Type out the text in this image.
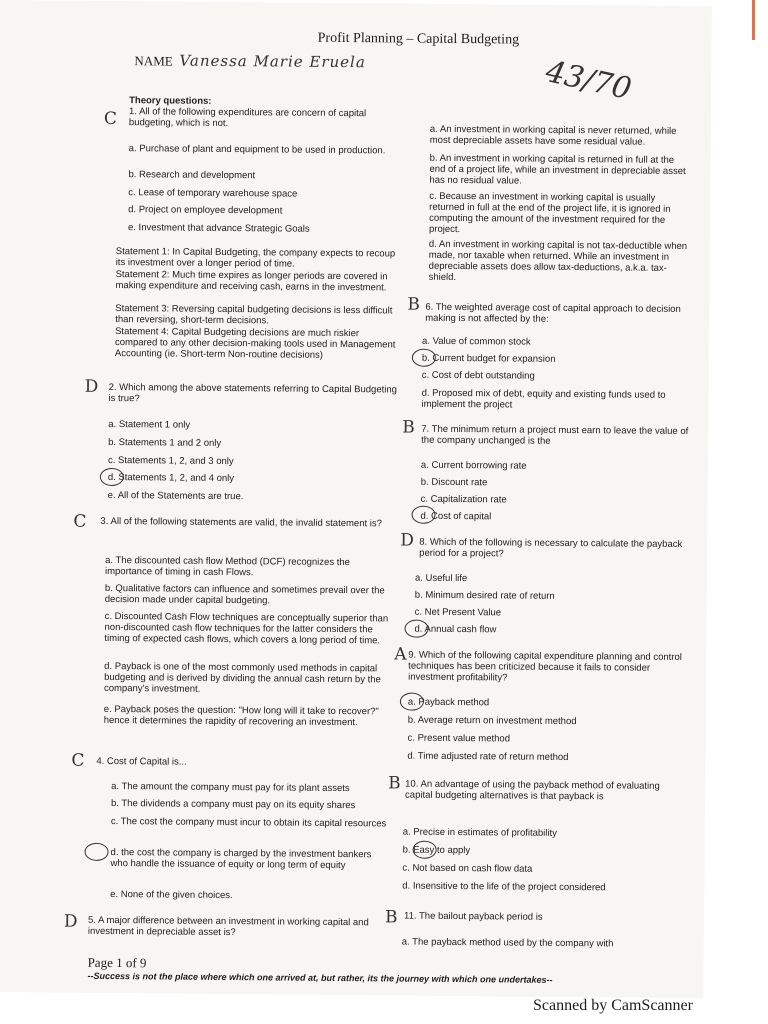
Profit Planning – Capital Budgeting
NAME Vanessa Marie Eruela	43/70
Theory questions:
C 1. All of the following expenditures are concern of capital budgeting, which is not.
a. Purchase of plant and equipment to be used in production.
b. Research and development
c. Lease of temporary warehouse space
d. Project on employee development
e. Investment that advance Strategic Goals
Statement 1: In Capital Budgeting, the company expects to recoup its investment over a longer period of time.
Statement 2: Much time expires as longer periods are covered in making expenditure and receiving cash, earns in the investment.
Statement 3: Reversing capital budgeting decisions is less difficult than reversing, short-term decisions.
Statement 4: Capital Budgeting decisions are much riskier compared to any other decision-making tools used in Management Accounting (ie. Short-term Non-routine decisions)
D 2. Which among the above statements referring to Capital Budgeting is true?
a. Statement 1 only
b. Statements 1 and 2 only
c. Statements 1, 2, and 3 only
d. Statements 1, 2, and 4 only
e. All of the Statements are true.
C 3. All of the following statements are valid, the invalid statement is?
a. The discounted cash flow Method (DCF) recognizes the importance of timing in cash Flows.
b. Qualitative factors can influence and sometimes prevail over the decision made under capital budgeting.
c. Discounted Cash Flow techniques are conceptually superior than non-discounted cash flow techniques for the latter considers the timing of expected cash flows, which covers a long period of time.
d. Payback is one of the most commonly used methods in capital budgeting and is derived by dividing the annual cash return by the company's investment.
e. Payback poses the question: "How long will it take to recover?" hence it determines the rapidity of recovering an investment.
C 4. Cost of Capital is...
a. The amount the company must pay for its plant assets
b. The dividends a company must pay on its equity shares
c. The cost the company must incur to obtain its capital resources
d. the cost the company is charged by the investment bankers who handle the issuance of equity or long term of equity
e. None of the given choices.
D 5. A major difference between an investment in working capital and investment in depreciable asset is?
a. An investment in working capital is never returned, while most depreciable assets have some residual value.
b. An investment in working capital is returned in full at the end of a project life, while an investment in depreciable asset has no residual value.
c. Because an investment in working capital is usually returned in full at the end of the project life, it is ignored in computing the amount of the investment required for the project.
d. An investment in working capital is not tax-deductible when made, nor taxable when returned. While an investment in depreciable assets does allow tax-deductions, a.k.a. tax-shield.
B 6. The weighted average cost of capital approach to decision making is not affected by the:
a. Value of common stock
b. Current budget for expansion
c. Cost of debt outstanding
d. Proposed mix of debt, equity and existing funds used to implement the project
B 7. The minimum return a project must earn to leave the value of the company unchanged is the
a. Current borrowing rate
b. Discount rate
c. Capitalization rate
d. Cost of capital
D 8. Which of the following is necessary to calculate the payback period for a project?
a. Useful life
b. Minimum desired rate of return
c. Net Present Value
d. Annual cash flow
A 9. Which of the following capital expenditure planning and control techniques has been criticized because it fails to consider investment profitability?
a. Payback method
b. Average return on investment method
c. Present value method
d. Time adjusted rate of return method
B 10. An advantage of using the payback method of evaluating capital budgeting alternatives is that payback is
a. Precise in estimates of profitability
b. Easy to apply
c. Not based on cash flow data
d. Insensitive to the life of the project considered
B 11. The bailout payback period is
a. The payback method used by the company with
Page 1 of 9
--Success is not the place where which one arrived at, but rather, its the journey with which one undertakes--
Scanned by CamScanner
